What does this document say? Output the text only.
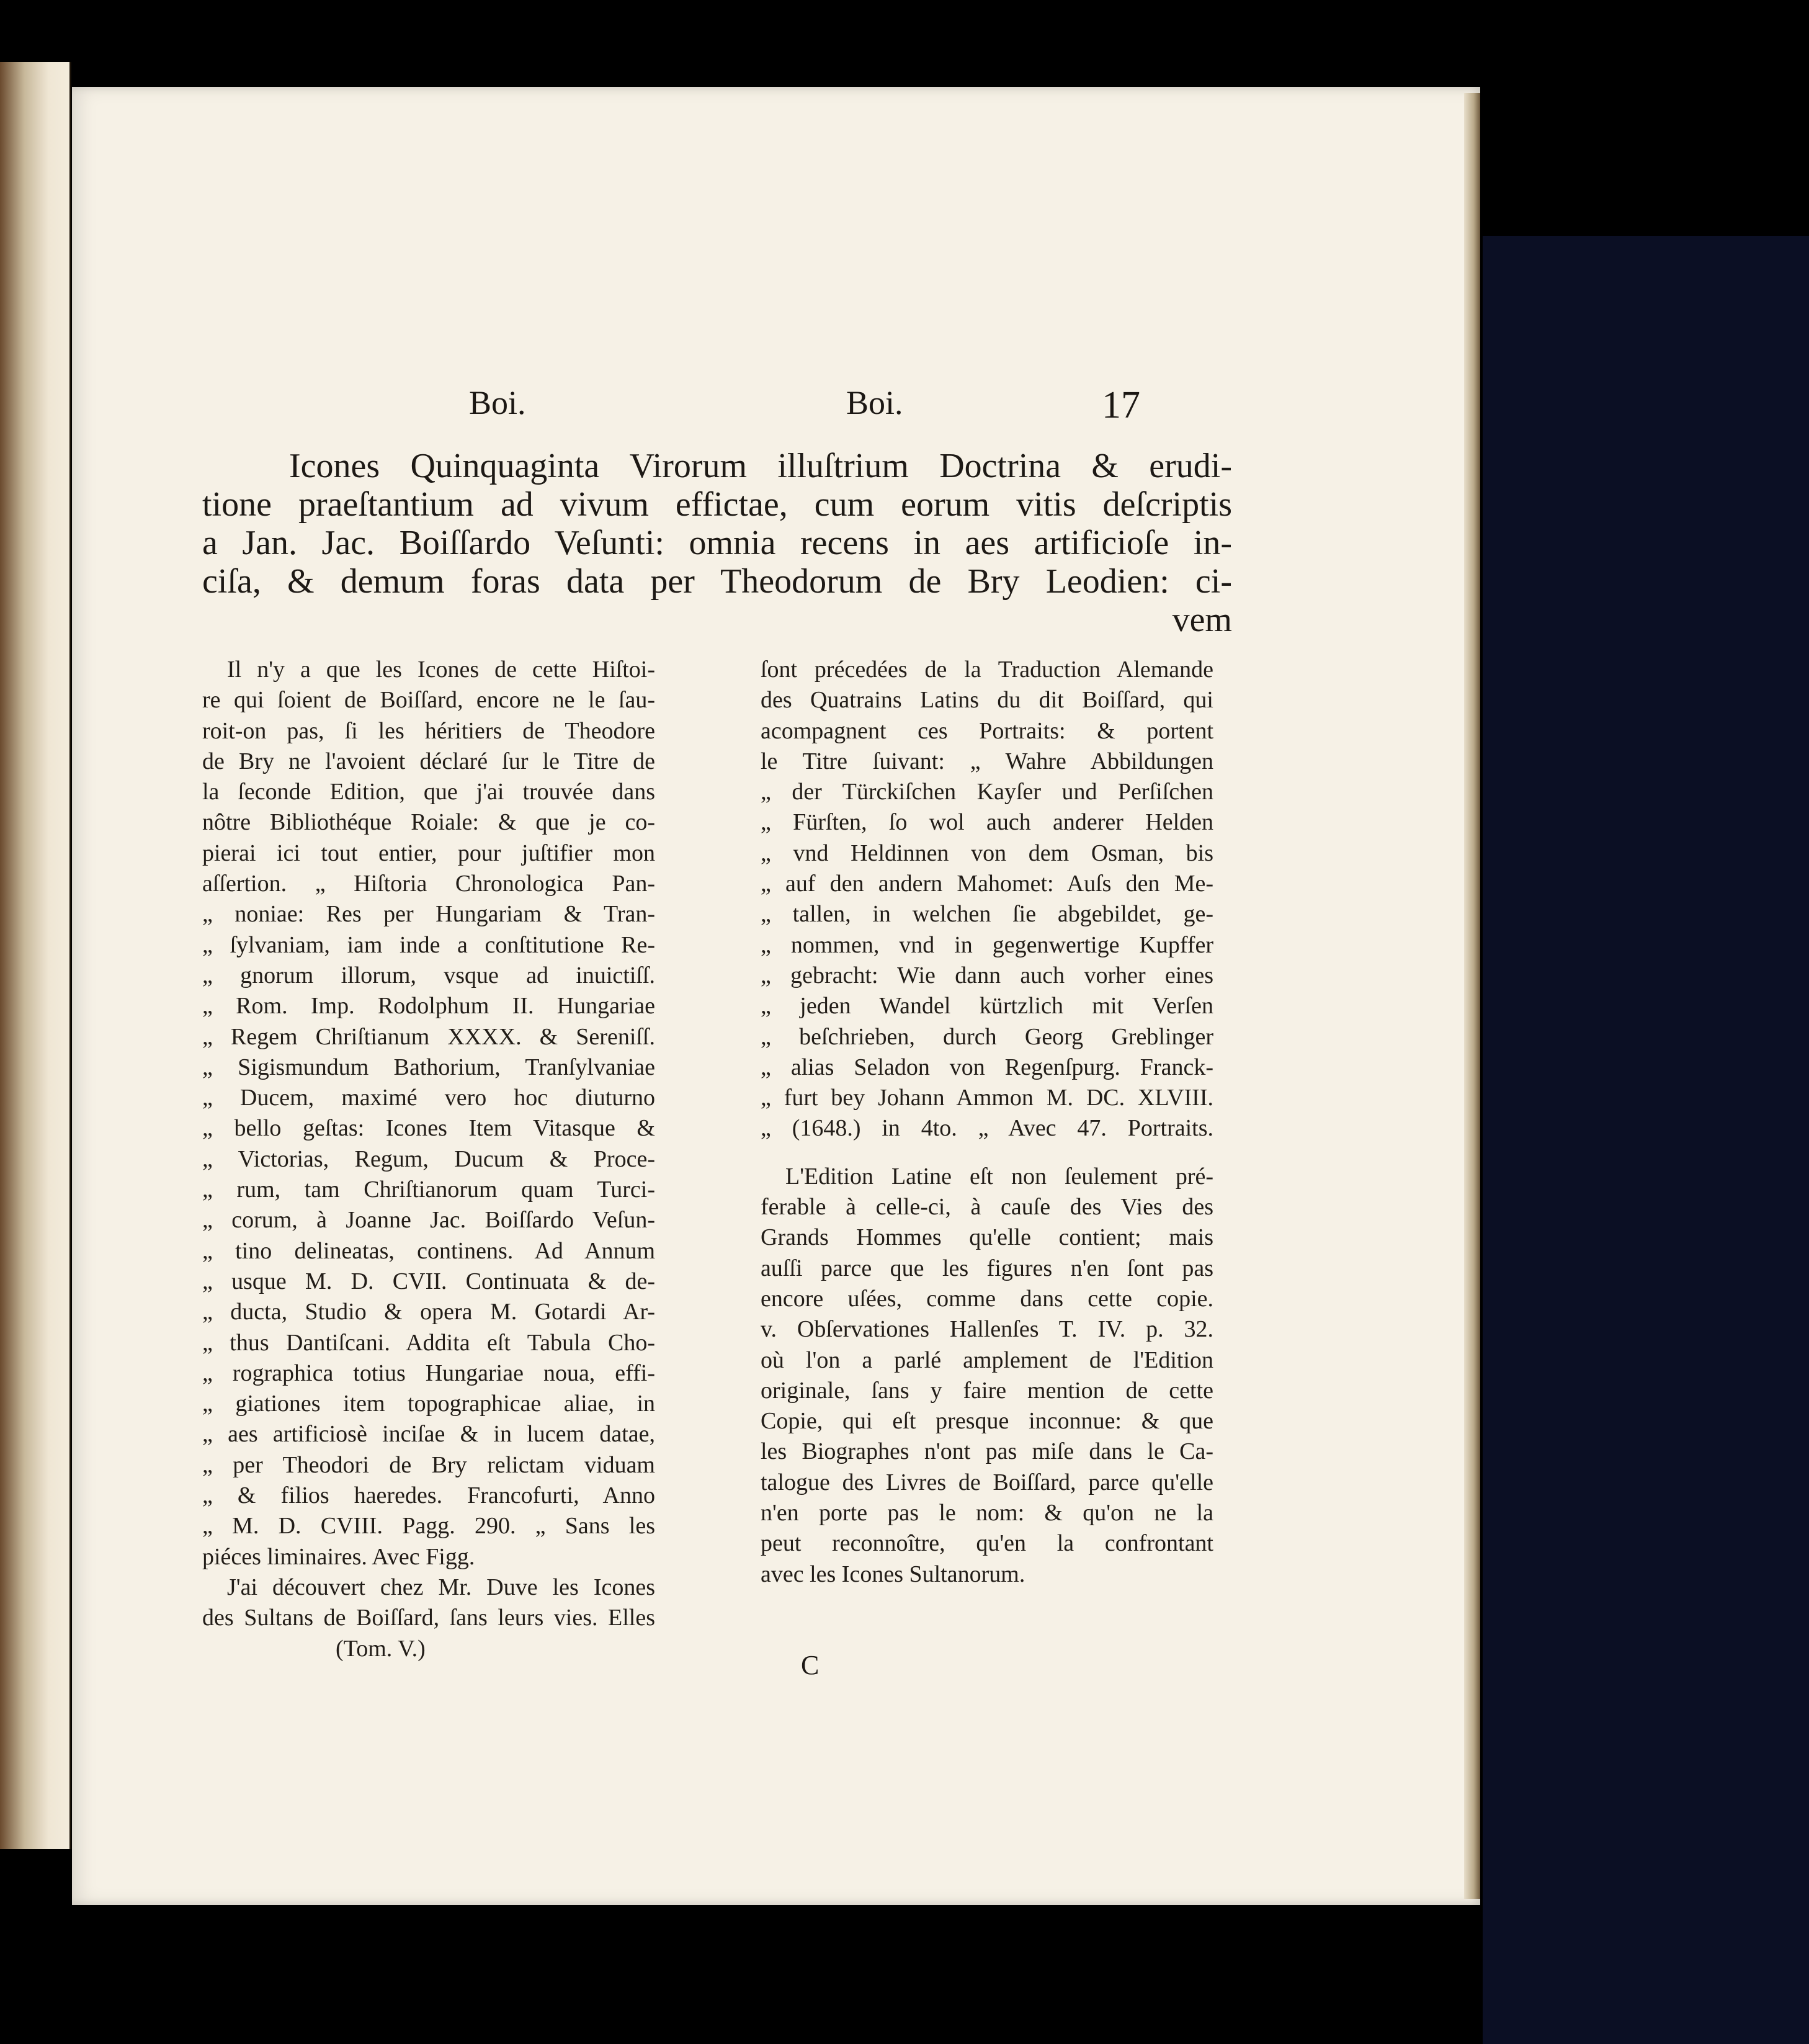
Boi.	Boi.	17
Icones Quinquaginta Virorum illuſtrium Doctrina & erudi-
tione praeſtantium ad vivum effictae, cum eorum vitis deſcriptis
a Jan. Jac. Boiſſardo Veſunti: omnia recens in aes artificioſe in-
ciſa, & demum foras data per Theodorum de Bry Leodien: ci-
vem
Il n'y a que les Icones de cette Hiſtoi-
re qui ſoient de Boiſſard, encore ne le ſau-
roit-on pas, ſi les héritiers de Theodore
de Bry ne l'avoient déclaré ſur le Titre de
la ſeconde Edition, que j'ai trouvée dans
nôtre Bibliothéque Roiale: & que je co-
pierai ici tout entier, pour juſtifier mon
aſſertion. „ Hiſtoria Chronologica Pan-
„ noniae: Res per Hungariam & Tran-
„ ſylvaniam, iam inde a conſtitutione Re-
„ gnorum illorum, vsque ad inuictiſſ.
„ Rom. Imp. Rodolphum II. Hungariae
„ Regem Chriſtianum XXXX. & Sereniſſ.
„ Sigismundum Bathorium, Tranſylvaniae
„ Ducem, maximé vero hoc diuturno
„ bello geſtas: Icones Item Vitasque &
„ Victorias, Regum, Ducum & Proce-
„ rum, tam Chriſtianorum quam Turci-
„ corum, à Joanne Jac. Boiſſardo Veſun-
„ tino delineatas, continens. Ad Annum
„ usque M. D. CVII. Continuata & de-
„ ducta, Studio & opera M. Gotardi Ar-
„ thus Dantiſcani. Addita eſt Tabula Cho-
„ rographica totius Hungariae noua, effi-
„ giationes item topographicae aliae, in
„ aes artificiosè inciſae & in lucem datae,
„ per Theodori de Bry relictam viduam
„ & filios haeredes. Francofurti, Anno
„ M. D. CVIII. Pagg. 290. „ Sans les
piéces liminaires. Avec Figg.
J'ai découvert chez Mr. Duve les Icones
des Sultans de Boiſſard, ſans leurs vies. Elles
(Tom. V.)
ſont précedées de la Traduction Alemande
des Quatrains Latins du dit Boiſſard, qui
acompagnent ces Portraits: & portent
le Titre ſuivant: „ Wahre Abbildungen
„ der Türckiſchen Kayſer und Perſiſchen
„ Fürſten, ſo wol auch anderer Helden
„ vnd Heldinnen von dem Osman, bis
„ auf den andern Mahomet: Auſs den Me-
„ tallen, in welchen ſie abgebildet, ge-
„ nommen, vnd in gegenwertige Kupffer
„ gebracht: Wie dann auch vorher eines
„ jeden Wandel kürtzlich mit Verſen
„ beſchrieben, durch Georg Greblinger
„ alias Seladon von Regenſpurg. Franck-
„ furt bey Johann Ammon M. DC. XLVIII.
„ (1648.) in 4to. „ Avec 47. Portraits.
L'Edition Latine eſt non ſeulement pré-
ferable à celle-ci, à cauſe des Vies des
Grands Hommes qu'elle contient; mais
auſſi parce que les figures n'en ſont pas
encore uſées, comme dans cette copie.
v. Obſervationes Hallenſes T. IV. p. 32.
où l'on a parlé amplement de l'Edition
originale, ſans y faire mention de cette
Copie, qui eſt presque inconnue: & que
les Biographes n'ont pas miſe dans le Ca-
talogue des Livres de Boiſſard, parce qu'elle
n'en porte pas le nom: & qu'on ne la
peut reconnoître, qu'en la confrontant
avec les Icones Sultanorum.
C
